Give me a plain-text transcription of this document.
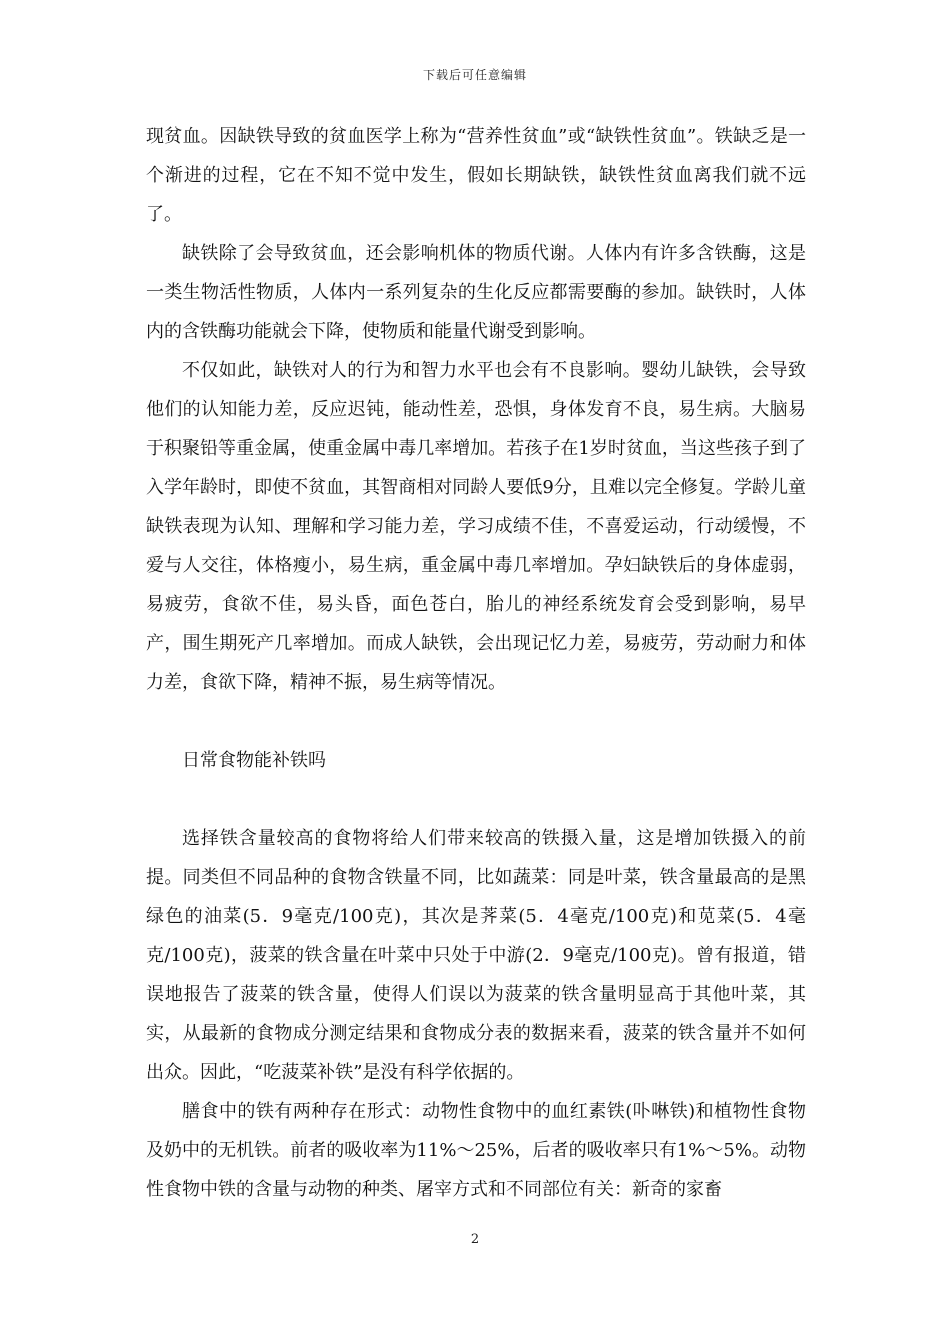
下载后可任意编辑

现贫血。因缺铁导致的贫血医学上称为“营养性贫血”或“缺铁性贫血”。铁缺乏是一个渐进的过程，它在不知不觉中发生，假如长期缺铁，缺铁性贫血离我们就不远了。

缺铁除了会导致贫血，还会影响机体的物质代谢。人体内有许多含铁酶，这是一类生物活性物质，人体内一系列复杂的生化反应都需要酶的参加。缺铁时，人体内的含铁酶功能就会下降，使物质和能量代谢受到影响。

不仅如此，缺铁对人的行为和智力水平也会有不良影响。婴幼儿缺铁，会导致他们的认知能力差，反应迟钝，能动性差，恐惧，身体发育不良，易生病。大脑易于积聚铅等重金属，使重金属中毒几率增加。若孩子在1岁时贫血，当这些孩子到了入学年龄时，即使不贫血，其智商相对同龄人要低9分，且难以完全修复。学龄儿童缺铁表现为认知、理解和学习能力差，学习成绩不佳，不喜爱运动，行动缓慢，不爱与人交往，体格瘦小，易生病，重金属中毒几率增加。孕妇缺铁后的身体虚弱，易疲劳，食欲不佳，易头昏，面色苍白，胎儿的神经系统发育会受到影响，易早产，围生期死产几率增加。而成人缺铁，会出现记忆力差，易疲劳，劳动耐力和体力差，食欲下降，精神不振，易生病等情况。

日常食物能补铁吗

选择铁含量较高的食物将给人们带来较高的铁摄入量，这是增加铁摄入的前提。同类但不同品种的食物含铁量不同，比如蔬菜：同是叶菜，铁含量最高的是黑绿色的油菜(5．9毫克/100克)，其次是荠菜(5．4毫克/100克)和苋菜(5．4毫克/100克)，菠菜的铁含量在叶菜中只处于中游(2．9毫克/100克)。曾有报道，错误地报告了菠菜的铁含量，使得人们误以为菠菜的铁含量明显高于其他叶菜，其实，从最新的食物成分测定结果和食物成分表的数据来看，菠菜的铁含量并不如何出众。因此，“吃菠菜补铁”是没有科学依据的。

膳食中的铁有两种存在形式：动物性食物中的血红素铁(卟啉铁)和植物性食物及奶中的无机铁。前者的吸收率为11%～25%，后者的吸收率只有1%～5%。动物性食物中铁的含量与动物的种类、屠宰方式和不同部位有关：新奇的家畜

2
